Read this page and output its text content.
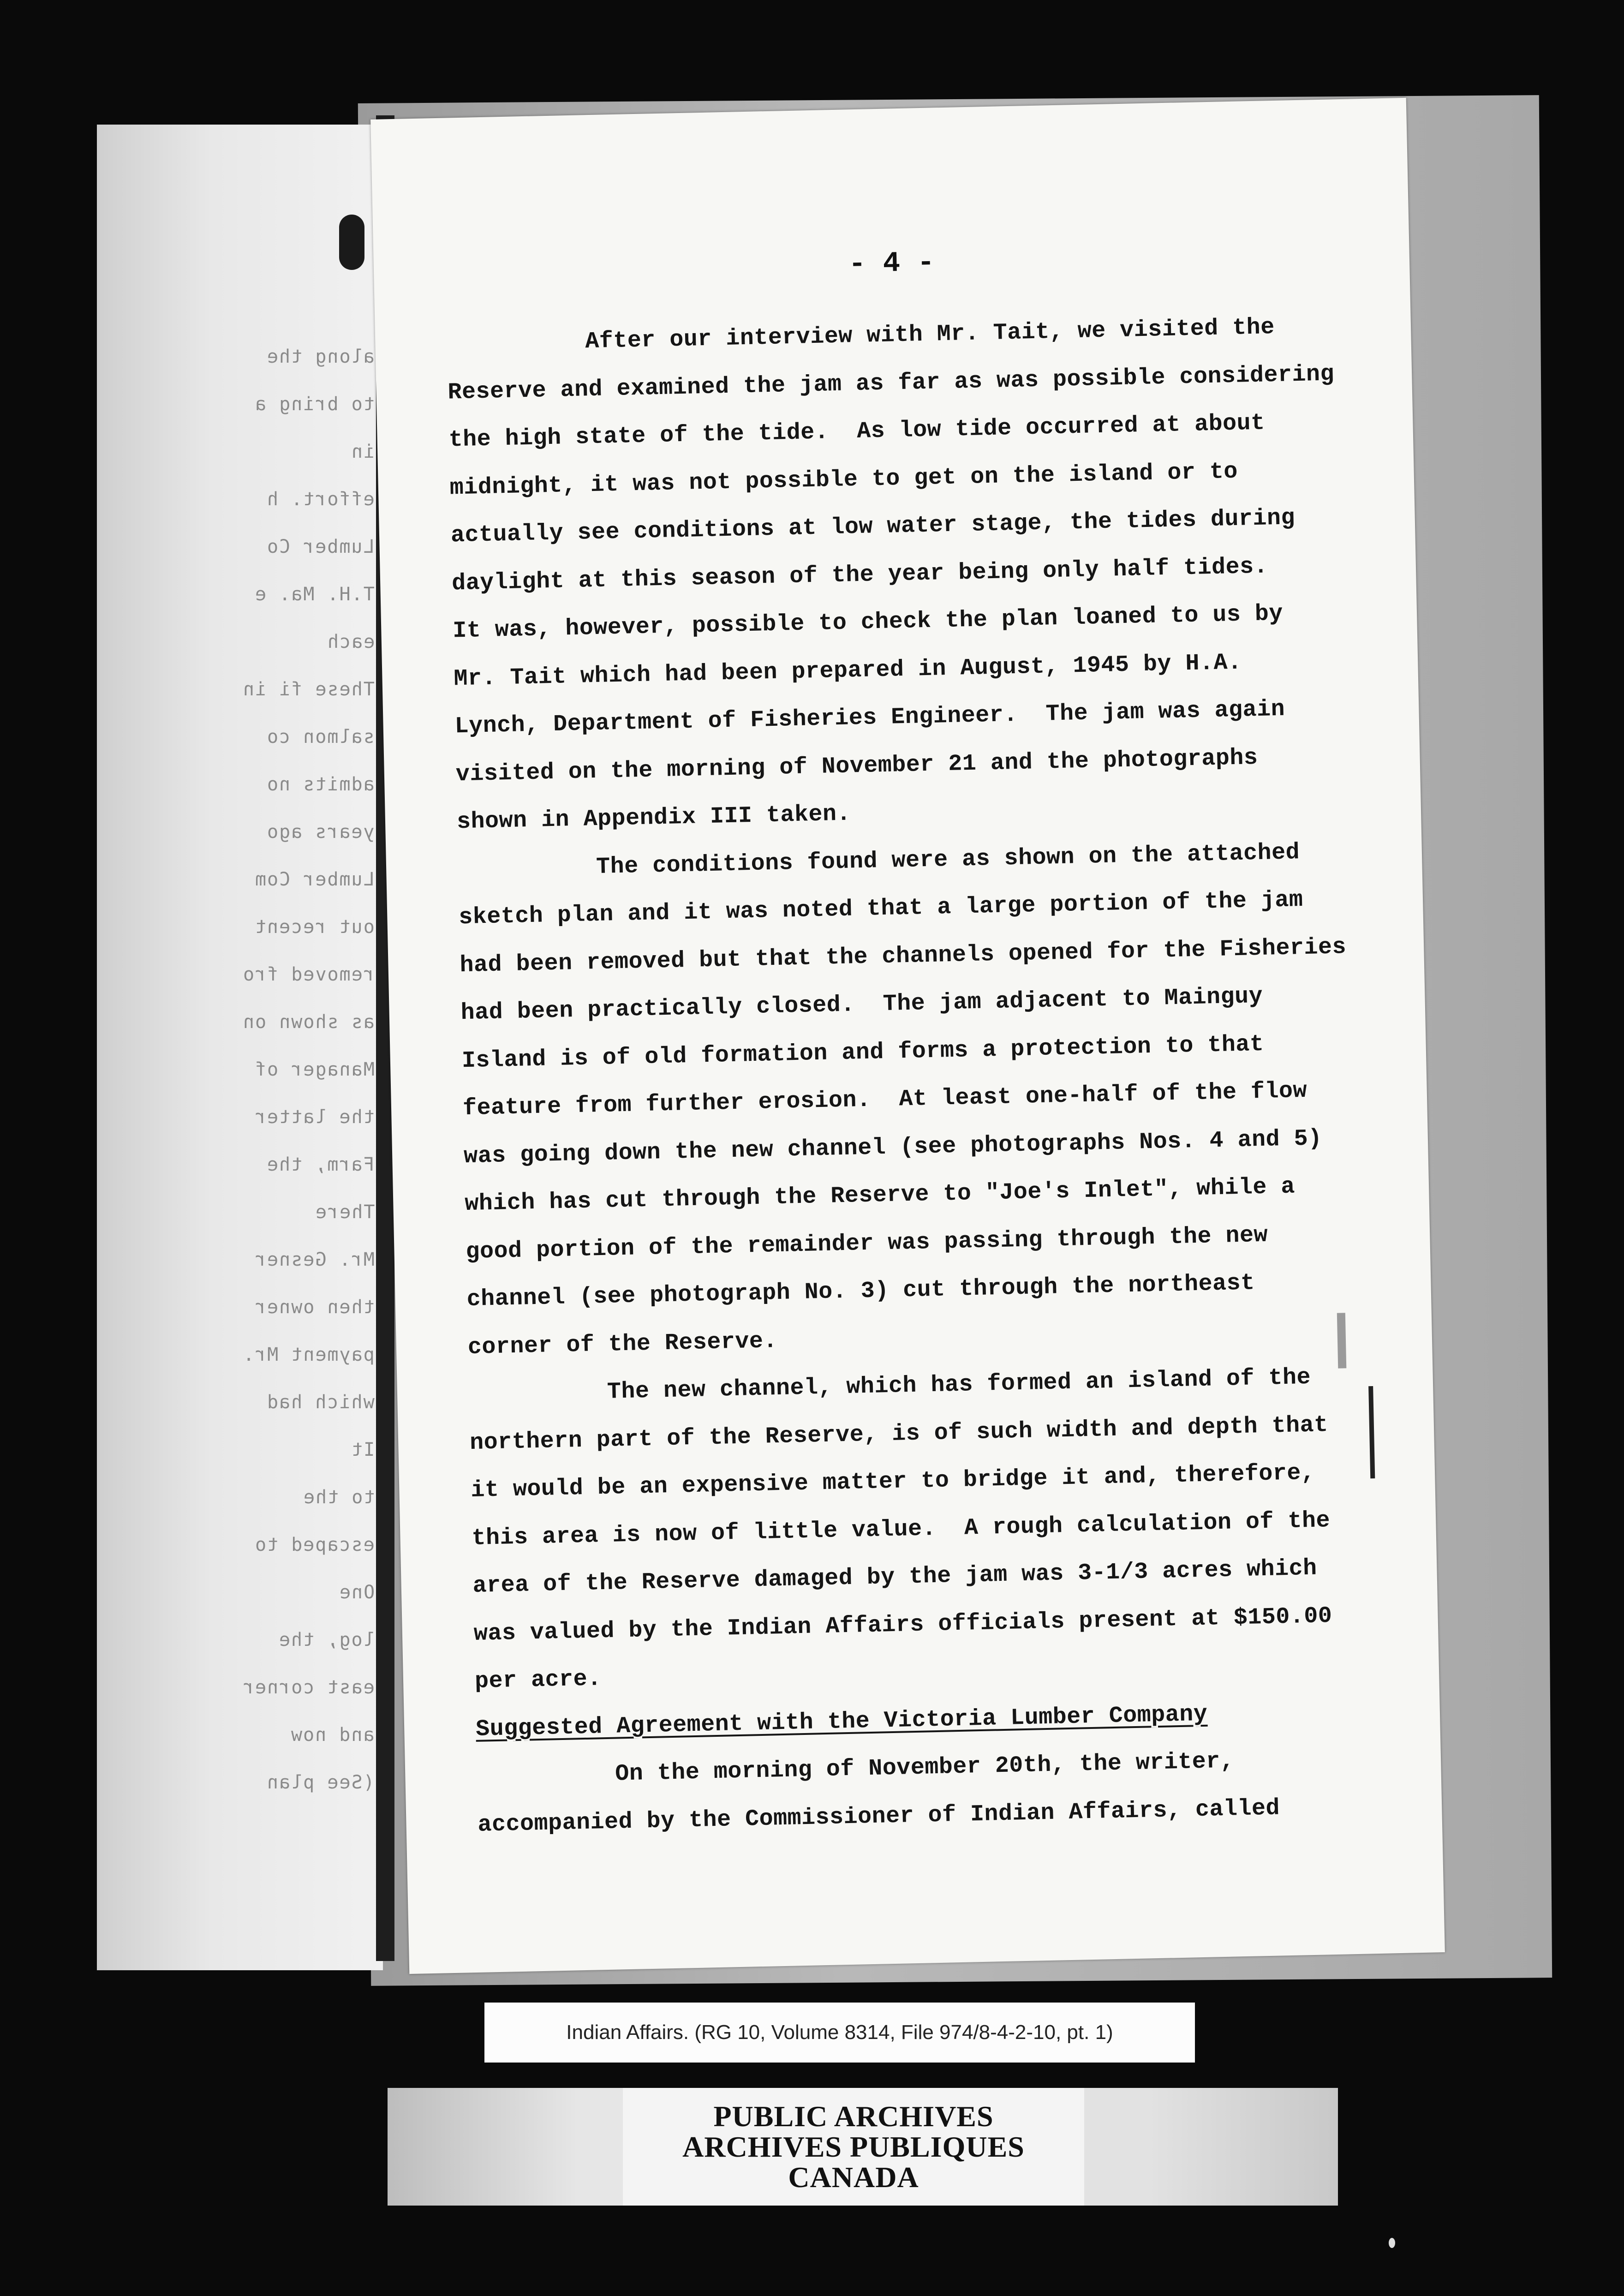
along the
to bring a
in
effort. h
Lumber Co
T.H. Ma. e
each
These fi in
salmon co
admits no
years ago
Lumber Com
out recent
removed fro
as shown on
Manager of
the latter
Farm, the
There
Mr. Gesner
then owner
payment Mr.
which had
It
to the
escaped to
One
log, the
east corner
and now
(See plan
- 4 -

After our interview with Mr. Tait, we visited the
Reserve and examined the jam as far as was possible considering
the high state of the tide.  As low tide occurred at about
midnight, it was not possible to get on the island or to
actually see conditions at low water stage, the tides during
daylight at this season of the year being only half tides.
It was, however, possible to check the plan loaned to us by
Mr. Tait which had been prepared in August, 1945 by H.A.
Lynch, Department of Fisheries Engineer.  The jam was again
visited on the morning of November 21 and the photographs
shown in Appendix III taken.

The conditions found were as shown on the attached
sketch plan and it was noted that a large portion of the jam
had been removed but that the channels opened for the Fisheries
had been practically closed.  The jam adjacent to Mainguy
Island is of old formation and forms a protection to that
feature from further erosion.  At least one-half of the flow
was going down the new channel (see photographs Nos. 4 and 5)
which has cut through the Reserve to "Joe's Inlet", while a
good portion of the remainder was passing through the new
channel (see photograph No. 3) cut through the northeast
corner of the Reserve.

The new channel, which has formed an island of the
northern part of the Reserve, is of such width and depth that
it would be an expensive matter to bridge it and, therefore,
this area is now of little value.  A rough calculation of the
area of the Reserve damaged by the jam was 3-1/3 acres which
was valued by the Indian Affairs officials present at $150.00
per acre.

Suggested Agreement with the Victoria Lumber Company

On the morning of November 20th, the writer,
accompanied by the Commissioner of Indian Affairs, called

Indian Affairs. (RG 10, Volume 8314, File 974/8-4-2-10, pt. 1)
PUBLIC ARCHIVES
ARCHIVES PUBLIQUES
CANADA
